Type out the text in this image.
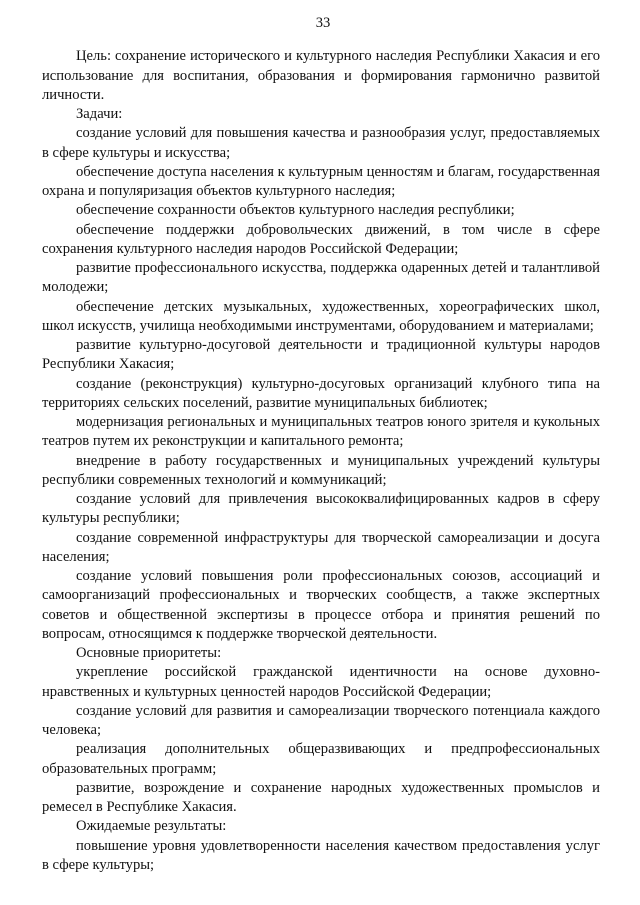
33

Цель: сохранение исторического и культурного наследия Республики Хакасия и его использование для воспитания, образования и формирования гармонично развитой личности.

Задачи:

создание условий для повышения качества и разнообразия услуг, предоставляемых в сфере культуры и искусства;

обеспечение доступа населения к культурным ценностям и благам, государственная охрана и популяризация объектов культурного наследия;

обеспечение сохранности объектов культурного наследия республики;

обеспечение поддержки добровольческих движений, в том числе в сфере сохранения культурного наследия народов Российской Федерации;

развитие профессионального искусства, поддержка одаренных детей и талантливой молодежи;

обеспечение детских музыкальных, художественных, хореографических школ, школ искусств, училища необходимыми инструментами, оборудованием и материалами;

развитие культурно-досуговой деятельности и традиционной культуры народов Республики Хакасия;

создание (реконструкция) культурно-досуговых организаций клубного типа на территориях сельских поселений, развитие муниципальных библиотек;

модернизация региональных и муниципальных театров юного зрителя и кукольных театров путем их реконструкции и капитального ремонта;

внедрение в работу государственных и муниципальных учреждений культуры республики современных технологий и коммуникаций;

создание условий для привлечения высококвалифицированных кадров в сферу культуры республики;

создание современной инфраструктуры для творческой самореализации и досуга населения;

создание условий повышения роли профессиональных союзов, ассоциаций и самоорганизаций профессиональных и творческих сообществ, а также экспертных советов и общественной экспертизы в процессе отбора и принятия решений по вопросам, относящимся к поддержке творческой деятельности.

Основные приоритеты:

укрепление российской гражданской идентичности на основе духовно-нравственных и культурных ценностей народов Российской Федерации;

создание условий для развития и самореализации творческого потенциала каждого человека;

реализация дополнительных общеразвивающих и предпрофессиональных образовательных программ;

развитие, возрождение и сохранение народных художественных промыслов и ремесел в Республике Хакасия.

Ожидаемые результаты:

повышение уровня удовлетворенности населения качеством предоставления услуг в сфере культуры;
